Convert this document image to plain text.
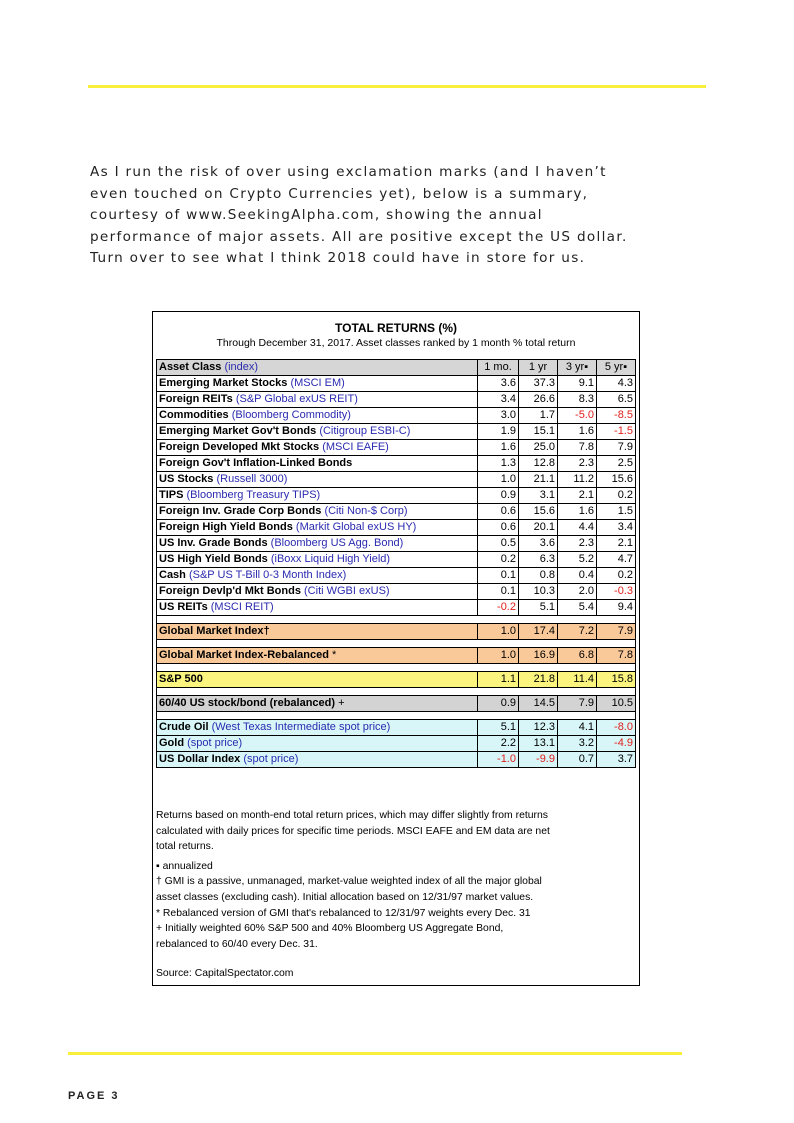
As I run the risk of over using exclamation marks (and I haven’t
even touched on Crypto Currencies yet), below is a summary,
courtesy of www.SeekingAlpha.com, showing the annual
performance of major assets. All are positive except the US dollar.
Turn over to see what I think 2018 could have in store for us.
TOTAL RETURNS (%)
Through December 31, 2017. Asset classes ranked by 1 month % total return
Asset Class (index)	1 mo.	1 yr	3 yr▪	5 yr▪
Emerging Market Stocks (MSCI EM)	3.6	37.3	9.1	4.3
Foreign REITs (S&P Global exUS REIT)	3.4	26.6	8.3	6.5
Commodities (Bloomberg Commodity)	3.0	1.7	-5.0	-8.5
Emerging Market Gov't Bonds (Citigroup ESBI-C)	1.9	15.1	1.6	-1.5
Foreign Developed Mkt Stocks (MSCI EAFE)	1.6	25.0	7.8	7.9
Foreign Gov't Inflation-Linked Bonds	1.3	12.8	2.3	2.5
US Stocks (Russell 3000)	1.0	21.1	11.2	15.6
TIPS (Bloomberg Treasury TIPS)	0.9	3.1	2.1	0.2
Foreign Inv. Grade Corp Bonds (Citi Non-$ Corp)	0.6	15.6	1.6	1.5
Foreign High Yield Bonds (Markit Global exUS HY)	0.6	20.1	4.4	3.4
US Inv. Grade Bonds (Bloomberg US Agg. Bond)	0.5	3.6	2.3	2.1
US High Yield Bonds (iBoxx Liquid High Yield)	0.2	6.3	5.2	4.7
Cash (S&P US T-Bill 0-3 Month Index)	0.1	0.8	0.4	0.2
Foreign Devlp'd Mkt Bonds (Citi WGBI exUS)	0.1	10.3	2.0	-0.3
US REITs (MSCI REIT)	-0.2	5.1	5.4	9.4

Global Market Index†	1.0	17.4	7.2	7.9

Global Market Index-Rebalanced *	1.0	16.9	6.8	7.8

S&P 500	1.1	21.8	11.4	15.8

60/40 US stock/bond (rebalanced) +	0.9	14.5	7.9	10.5

Crude Oil (West Texas Intermediate spot price)	5.1	12.3	4.1	-8.0
Gold (spot price)	2.2	13.1	3.2	-4.9
US Dollar Index (spot price)	-1.0	-9.9	0.7	3.7

Returns based on month-end total return prices, which may differ slightly from returns

calculated with daily prices for specific time periods. MSCI EAFE and EM data are net

total returns.

▪ annualized

† GMI is a passive, unmanaged, market-value weighted index of all the major global

asset classes (excluding cash). Initial allocation based on 12/31/97 market values.

* Rebalanced version of GMI that's rebalanced to 12/31/97 weights every Dec. 31

+ Initially weighted 60% S&P 500 and 40% Bloomberg US Aggregate Bond,

rebalanced to 60/40 every Dec. 31.

Source: CapitalSpectator.com

PAGE 3
